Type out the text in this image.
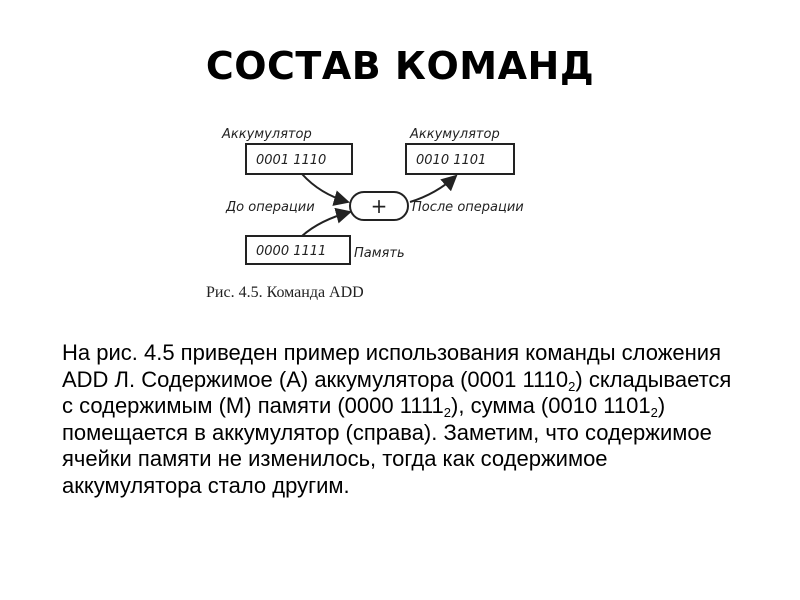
СОСТАВ КОМАНД
Аккумулятор
0001 1110
Аккумулятор
0010 1101
+
До операции	После операции
0000 1111 Память
Рис. 4.5. Команда ADD

На рис. 4.5 приведен пример использования команды сложения ADD Л. Содержимое (А) аккумулятора (0001 $1110_2$) складывается с содержимым (М) памяти (0000 $1111_2$), сумма (0010 $1101_2$) помещается в аккумулятор (справа). Заметим, что содержимое ячейки памяти не изменилось, тогда как содержимое аккумулятора стало другим.
